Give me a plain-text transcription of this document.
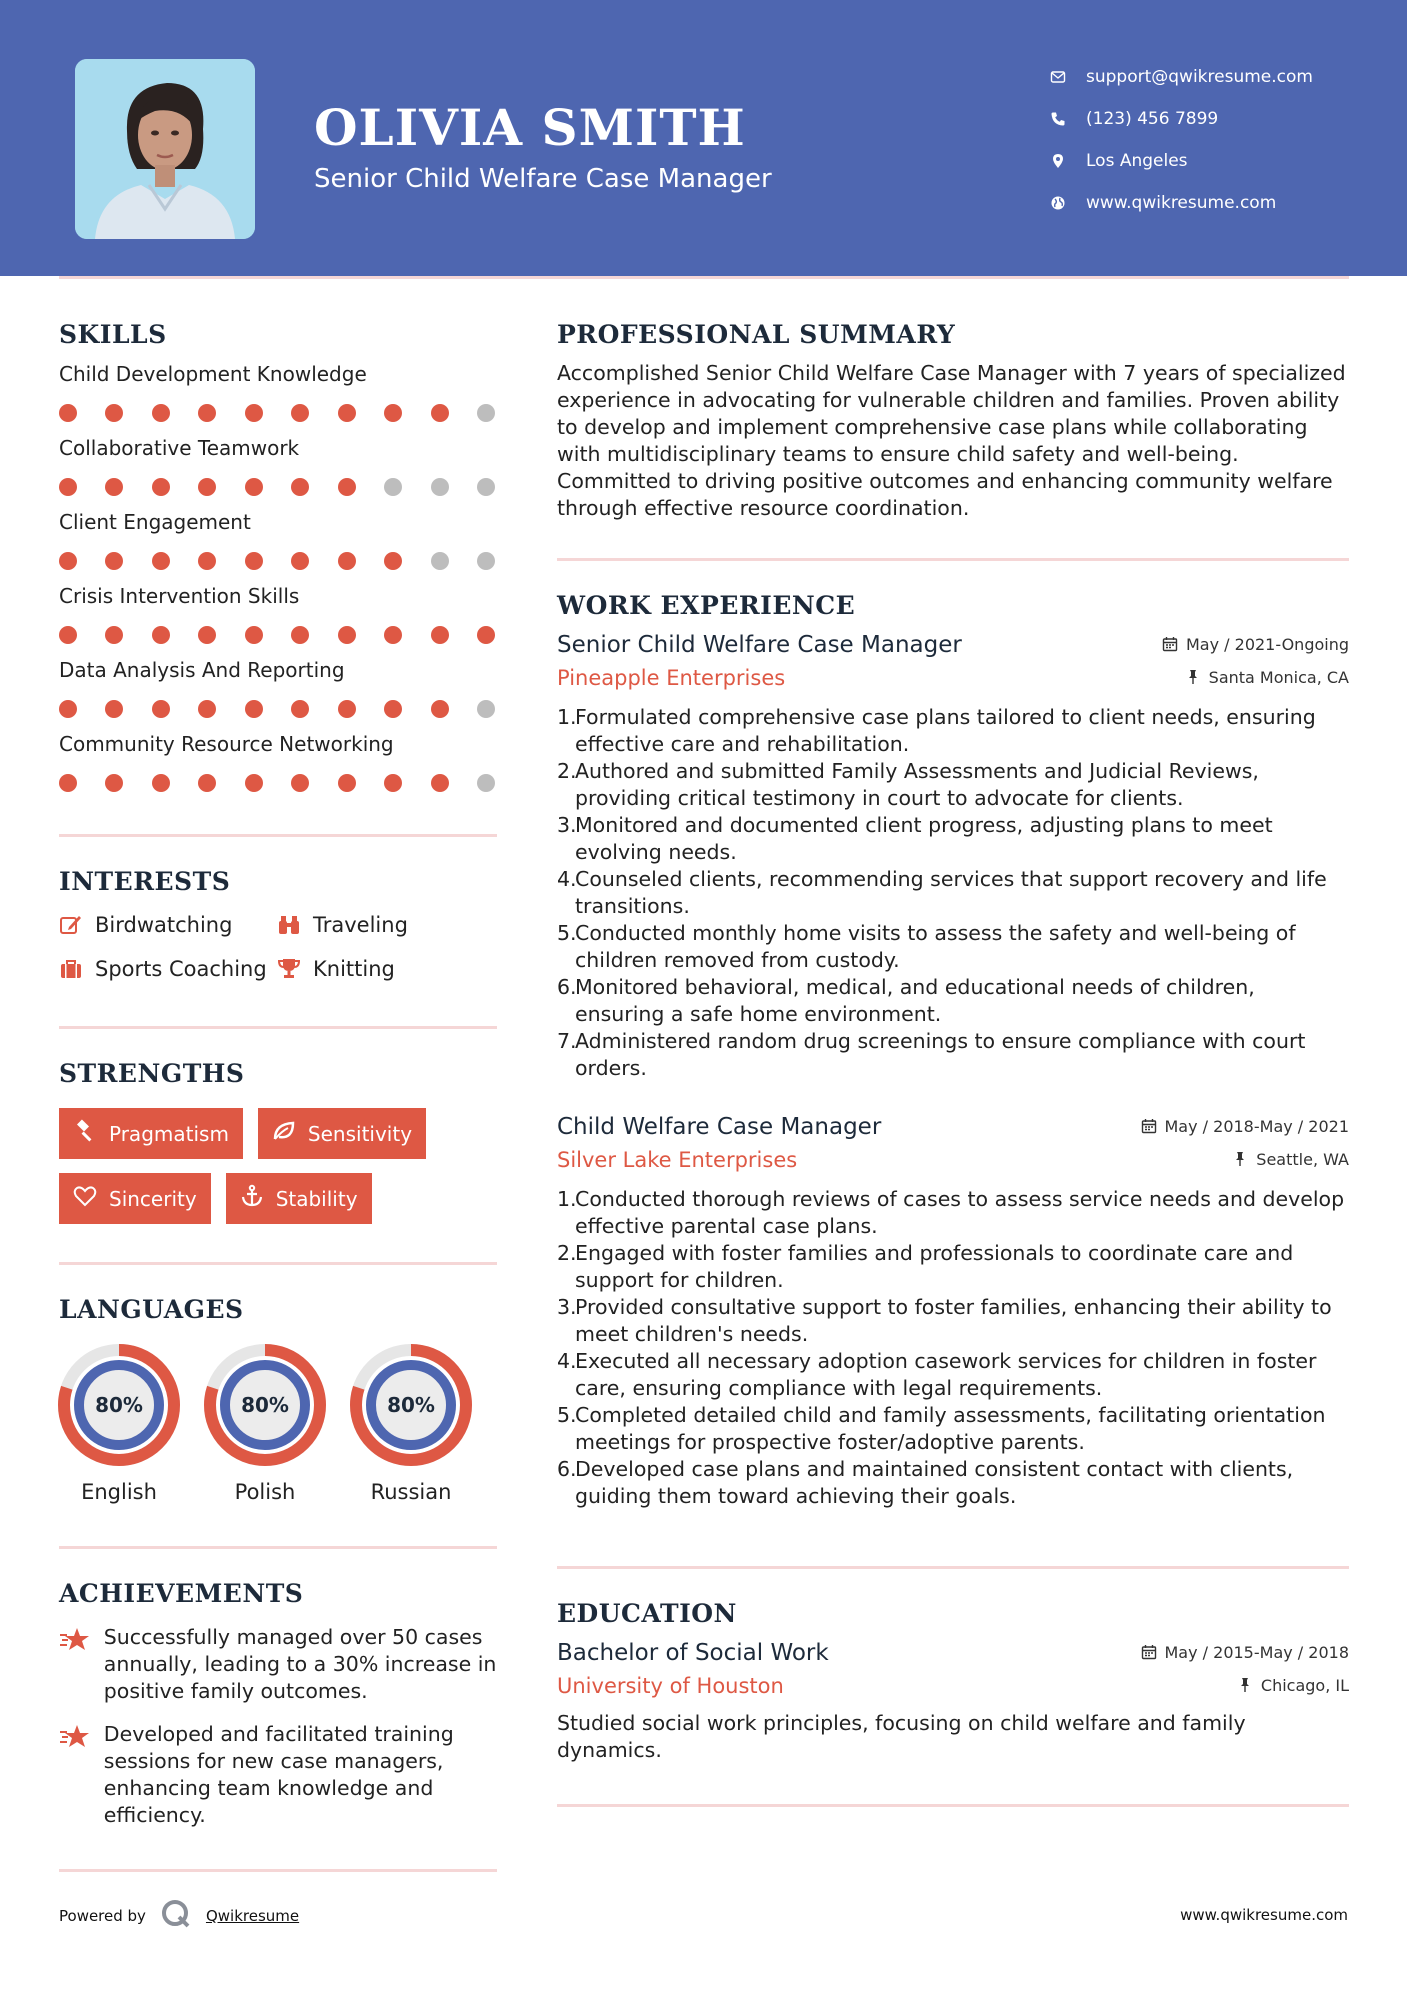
OLIVIA SMITH
Senior Child Welfare Case Manager
support@qwikresume.com
(123) 456 7899
Los Angeles
www.qwikresume.com
SKILLS
Child Development Knowledge
Collaborative Teamwork
Client Engagement
Crisis Intervention Skills
Data Analysis And Reporting
Community Resource Networking
INTERESTS
Birdwatching	Traveling
Sports Coaching Knitting
STRENGTHS
Pragmatism	Sensitivity
Sincerity	Stability
LANGUAGES
80%
English
80%
Polish
80%
Russian
ACHIEVEMENTS
Successfully managed over 50 cases annually, leading to a 30% increase in positive family outcomes.
Developed and facilitated training sessions for new case managers, enhancing team knowledge and efficiency.
PROFESSIONAL SUMMARY

Accomplished Senior Child Welfare Case Manager with 7 years of specialized experience in advocating for vulnerable children and families. Proven ability to develop and implement comprehensive case plans while collaborating with multidisciplinary teams to ensure child safety and well-being. Committed to driving positive outcomes and enhancing community welfare through effective resource coordination.

WORK EXPERIENCE
Senior Child Welfare Case Manager	May / 2021-Ongoing
Pineapple Enterprises	Santa Monica, CA
1.
Formulated comprehensive case plans tailored to client needs, ensuring effective care and rehabilitation.
2.
Authored and submitted Family Assessments and Judicial Reviews, providing critical testimony in court to advocate for clients.
3.
Monitored and documented client progress, adjusting plans to meet evolving needs.
4.
Counseled clients, recommending services that support recovery and life transitions.
5.
Conducted monthly home visits to assess the safety and well-being of children removed from custody.
6.
Monitored behavioral, medical, and educational needs of children, ensuring a safe home environment.
7.
Administered random drug screenings to ensure compliance with court orders.
Child Welfare Case Manager	May / 2018-May / 2021
Silver Lake Enterprises	Seattle, WA
1.
Conducted thorough reviews of cases to assess service needs and develop effective parental case plans.
2.
Engaged with foster families and professionals to coordinate care and support for children.
3.
Provided consultative support to foster families, enhancing their ability to meet children's needs.
4.
Executed all necessary adoption casework services for children in foster care, ensuring compliance with legal requirements.
5.
Completed detailed child and family assessments, facilitating orientation meetings for prospective foster/adoptive parents.
6.
Developed case plans and maintained consistent contact with clients, guiding them toward achieving their goals.
EDUCATION
Bachelor of Social Work	May / 2015-May / 2018
University of Houston	Chicago, IL

Studied social work principles, focusing on child welfare and family dynamics.

Powered by	Qwikresume	www.qwikresume.com
